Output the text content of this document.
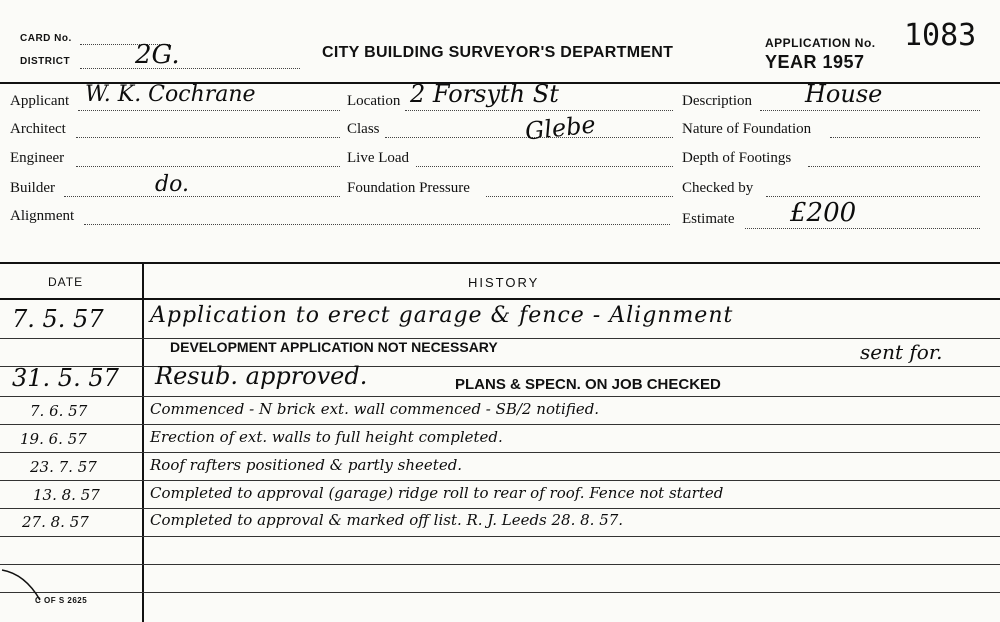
CARD No.
DISTRICT 2G.	CITY BUILDING SURVEYOR'S DEPARTMENT
APPLICATION No. 1083
YEAR 1957
Applicant W. K. Cochrane
Architect
Engineer
Builder	do.
Alignment
Location 2 Forsyth St
Class	Glebe
Live Load
Foundation Pressure
Description House
Nature of Foundation
Depth of Footings
Checked by
Estimate £200
DATE	HISTORY
7. 5. 57 Application to erect garage & fence - Alignment
DEVELOPMENT APPLICATION NOT NECESSARY	sent for.
31. 5. 57 Resub. approved.	PLANS & SPECN. ON JOB CHECKED
7. 6. 57	Commenced - N brick ext. wall commenced - SB/2 notified.
19. 6. 57	Erection of ext. walls to full height completed.
23. 7. 57	Roof rafters positioned & partly sheeted.
13. 8. 57	Completed to approval (garage) ridge roll to rear of roof. Fence not started
27. 8. 57	Completed to approval & marked off list. R. J. Leeds 28. 8. 57.
C OF S 2625
